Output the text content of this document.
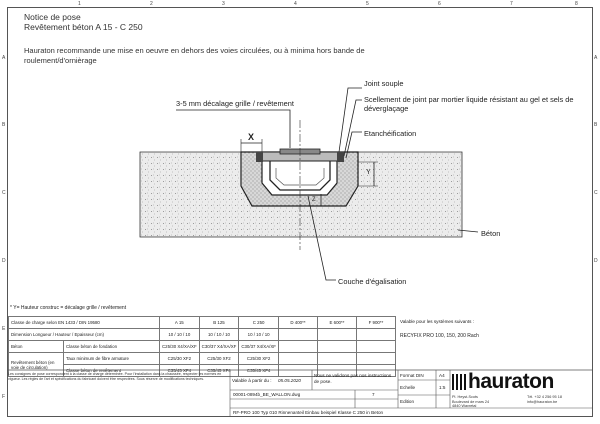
1	2	3	4	5	6	7	8
A
B
C
D
E
F
A
B
C
D
Notice de pose
Revêtement béton A 15 - C 250
Hauraton recommande une mise en oeuvre en dehors des voies circulées, ou à minima hors bande de roulement/d'ornièrage
Joint souple
Scellement de joint par mortier liquide résistant au gel et sels de déverglaçage
Etanchéification
3-5 mm décalage grille / revêtement
Béton
Couche d'égalisation
X
Y
Z
* Y= Hauteur construc = décalage grille / revêtement
Classe de charge selon EN 1433 / DIN 19580		A 15	B 125	C 250	D 400**	E 600**	F 900**
Dimension Longueur / Hauteur / Epaisseur (cm)		10 / 10 / 10	10 / 10 / 10	10 / 10 / 10			
Béton	Classe béton de fondation	C25/30 X4/XA/XF	C30/37 X4/XA/XF	C30/37 X4/XA/XF			
Revêtement béton (en voie de circulation)	Taux minimum de fibre armature	C25/30 XF2	C25/30 XF2	C25/30 XF2			
	Classe béton de revêtement	C35/45 XF4	C35/45 XF4	C35/45 XF4			
Valable pour les systèmes suivants :
RECYFIX PRO 100, 150, 200 Rach
Les consignes de pose correspondent à la classe de charge déterminée. Pour l'installation dans la chaussée, respecter les normes en vigueur. Les règles de l'art et spécifications du fabricant doivent être respectées. Sous réserve de modifications techniques.	Valable à partir du : 05.05.2020
Nous ne validons pas nos instructions de pose.
00001-0894b_BE_WALLON.dwg	7
Edition
RF-PRO 100 Typ 010 Rinnenanteil Einbau beispiel Klasse C 250 in Beton
Format DIN	A4
Echelle	1:5	hauraton
Pl. Heyst-Scots
Boulevard de mars 24
4840 Wavretal
Tél. +32 4 256 95 18
info@hauraton.be
